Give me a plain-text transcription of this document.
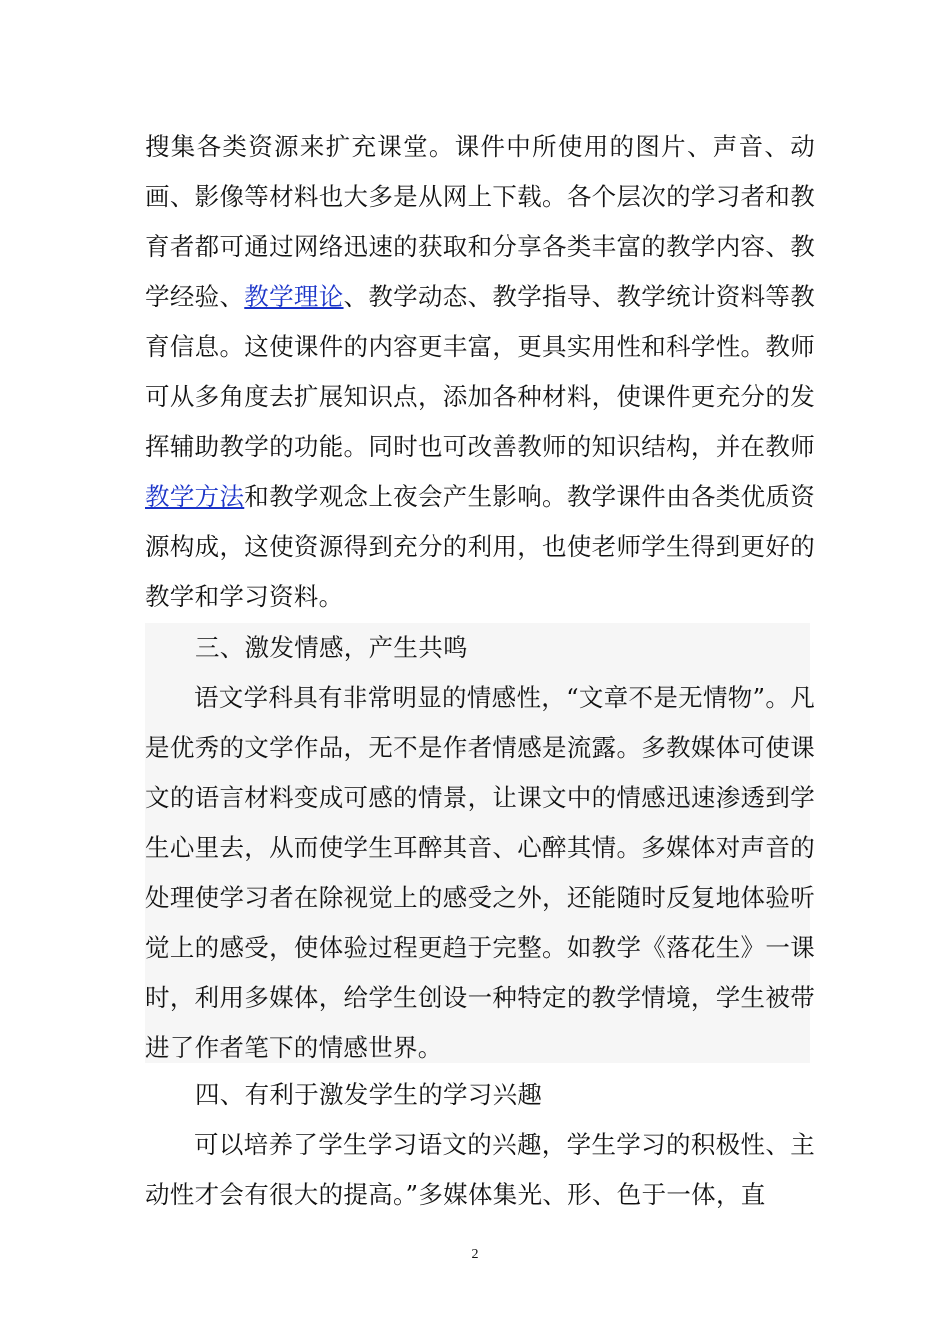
搜集各类资源来扩充课堂。课件中所使用的图片、声音、动画、影像等材料也大多是从网上下载。各个层次的学习者和教育者都可通过网络迅速的获取和分享各类丰富的教学内容、教学经验、教学理论、教学动态、教学指导、教学统计资料等教育信息。这使课件的内容更丰富，更具实用性和科学性。教师可从多角度去扩展知识点，添加各种材料，使课件更充分的发挥辅助教学的功能。同时也可改善教师的知识结构，并在教师教学方法和教学观念上夜会产生影响。教学课件由各类优质资源构成，这使资源得到充分的利用，也使老师学生得到更好的教学和学习资料。
三、激发情感，产生共鸣
语文学科具有非常明显的情感性，“文章不是无情物”。凡是优秀的文学作品，无不是作者情感是流露。多教媒体可使课文的语言材料变成可感的情景，让课文中的情感迅速渗透到学生心里去，从而使学生耳醉其音、心醉其情。多媒体对声音的处理使学习者在除视觉上的感受之外，还能随时反复地体验听觉上的感受，使体验过程更趋于完整。如教学《落花生》一课时，利用多媒体，给学生创设一种特定的教学情境，学生被带进了作者笔下的情感世界。
四、有利于激发学生的学习兴趣
可以培养了学生学习语文的兴趣，学生学习的积极性、主动性才会有很大的提高。”多媒体集光、形、色于一体，直
2
